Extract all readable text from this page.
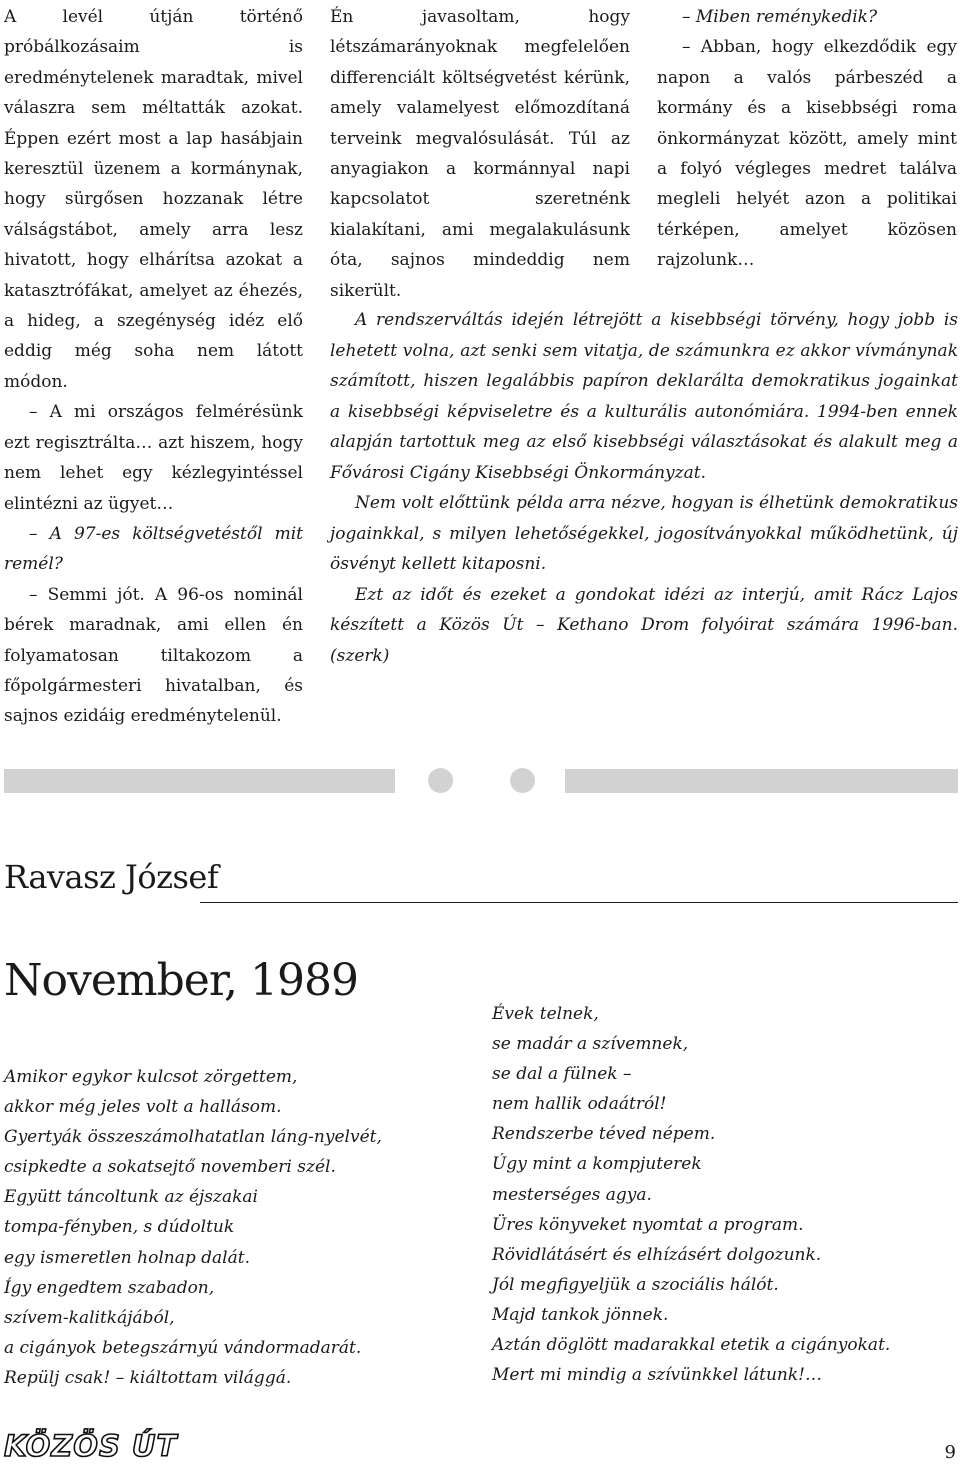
A levél útján történő próbálkozásaim is eredménytelenek maradtak, mivel válaszra sem méltatták azokat. Éppen ezért most a lap hasábjain keresztül üzenem a kormánynak, hogy sürgősen hozzanak létre válságstábot, amely arra lesz hivatott, hogy elhárítsa azokat a katasztrófákat, amelyet az éhezés, a hideg, a szegénység idéz elő eddig még soha nem látott módon.

– A mi országos felmérésünk ezt regisztrálta… azt hiszem, hogy nem lehet egy kézlegyintéssel elintézni az ügyet…

– A 97-es költségvetéstől mit remél?

– Semmi jót. A 96-os nominál bérek maradnak, ami ellen én folyamatosan tiltakozom a főpolgármesteri hivatalban, és sajnos ezidáig eredménytelenül.

Én javasoltam, hogy létszámarányoknak megfelelően differenciált költségvetést kérünk, amely valamelyest előmozdítaná terveink megvalósulását. Túl az anyagiakon a kormánnyal napi kapcsolatot szeretnénk kialakítani, ami megalakulásunk óta, sajnos mindeddig nem sikerült.

– Miben reménykedik?

– Abban, hogy elkezdődik egy napon a valós párbeszéd a kormány és a kisebbségi roma önkormányzat között, amely mint a folyó végleges medret találva megleli helyét azon a politikai térképen, amelyet közösen rajzolunk…

A rendszerváltás idején létrejött a kisebbségi törvény, hogy jobb is lehetett volna, azt senki sem vitatja, de számunkra ez akkor vívmánynak számított, hiszen legalábbis papíron deklarálta demokratikus jogainkat a kisebbségi képviseletre és a kulturális autonómiára. 1994-ben ennek alapján tartottuk meg az első kisebbségi választásokat és alakult meg a Fővárosi Cigány Kisebbségi Önkormányzat.

Nem volt előttünk példa arra nézve, hogyan is élhetünk demokratikus jogainkkal, s milyen lehetőségekkel, jogosítványokkal működhetünk, új ösvényt kellett kitaposni.

Ezt az időt és ezeket a gondokat idézi az interjú, amit Rácz Lajos készített a Közös Út – Kethano Drom folyóirat számára 1996-ban. (szerk)

Ravasz József
November, 1989
Amikor egykor kulcsot zörgettem,
akkor még jeles volt a hallásom.
Gyertyák összeszámolhatatlan láng-nyelvét,
csipkedte a sokatsejtő novemberi szél.
Együtt táncoltunk az éjszakai
tompa-fényben, s dúdoltuk
egy ismeretlen holnap dalát.
Így engedtem szabadon,
szívem-kalitkájából,
a cigányok betegszárnyú vándormadarát.
Repülj csak! – kiáltottam világgá.
Évek telnek,
se madár a szívemnek,
se dal a fülnek –
nem hallik odaátról!
Rendszerbe téved népem.
Úgy mint a kompjuterek
mesterséges agya.
Üres könyveket nyomtat a program.
Rövidlátásért és elhízásért dolgozunk.
Jól megfigyeljük a szociális hálót.
Majd tankok jönnek.
Aztán döglött madarakkal etetik a cigányokat.
Mert mi mindig a szívünkkel látunk!…
KÖZÖS ÚT	9
